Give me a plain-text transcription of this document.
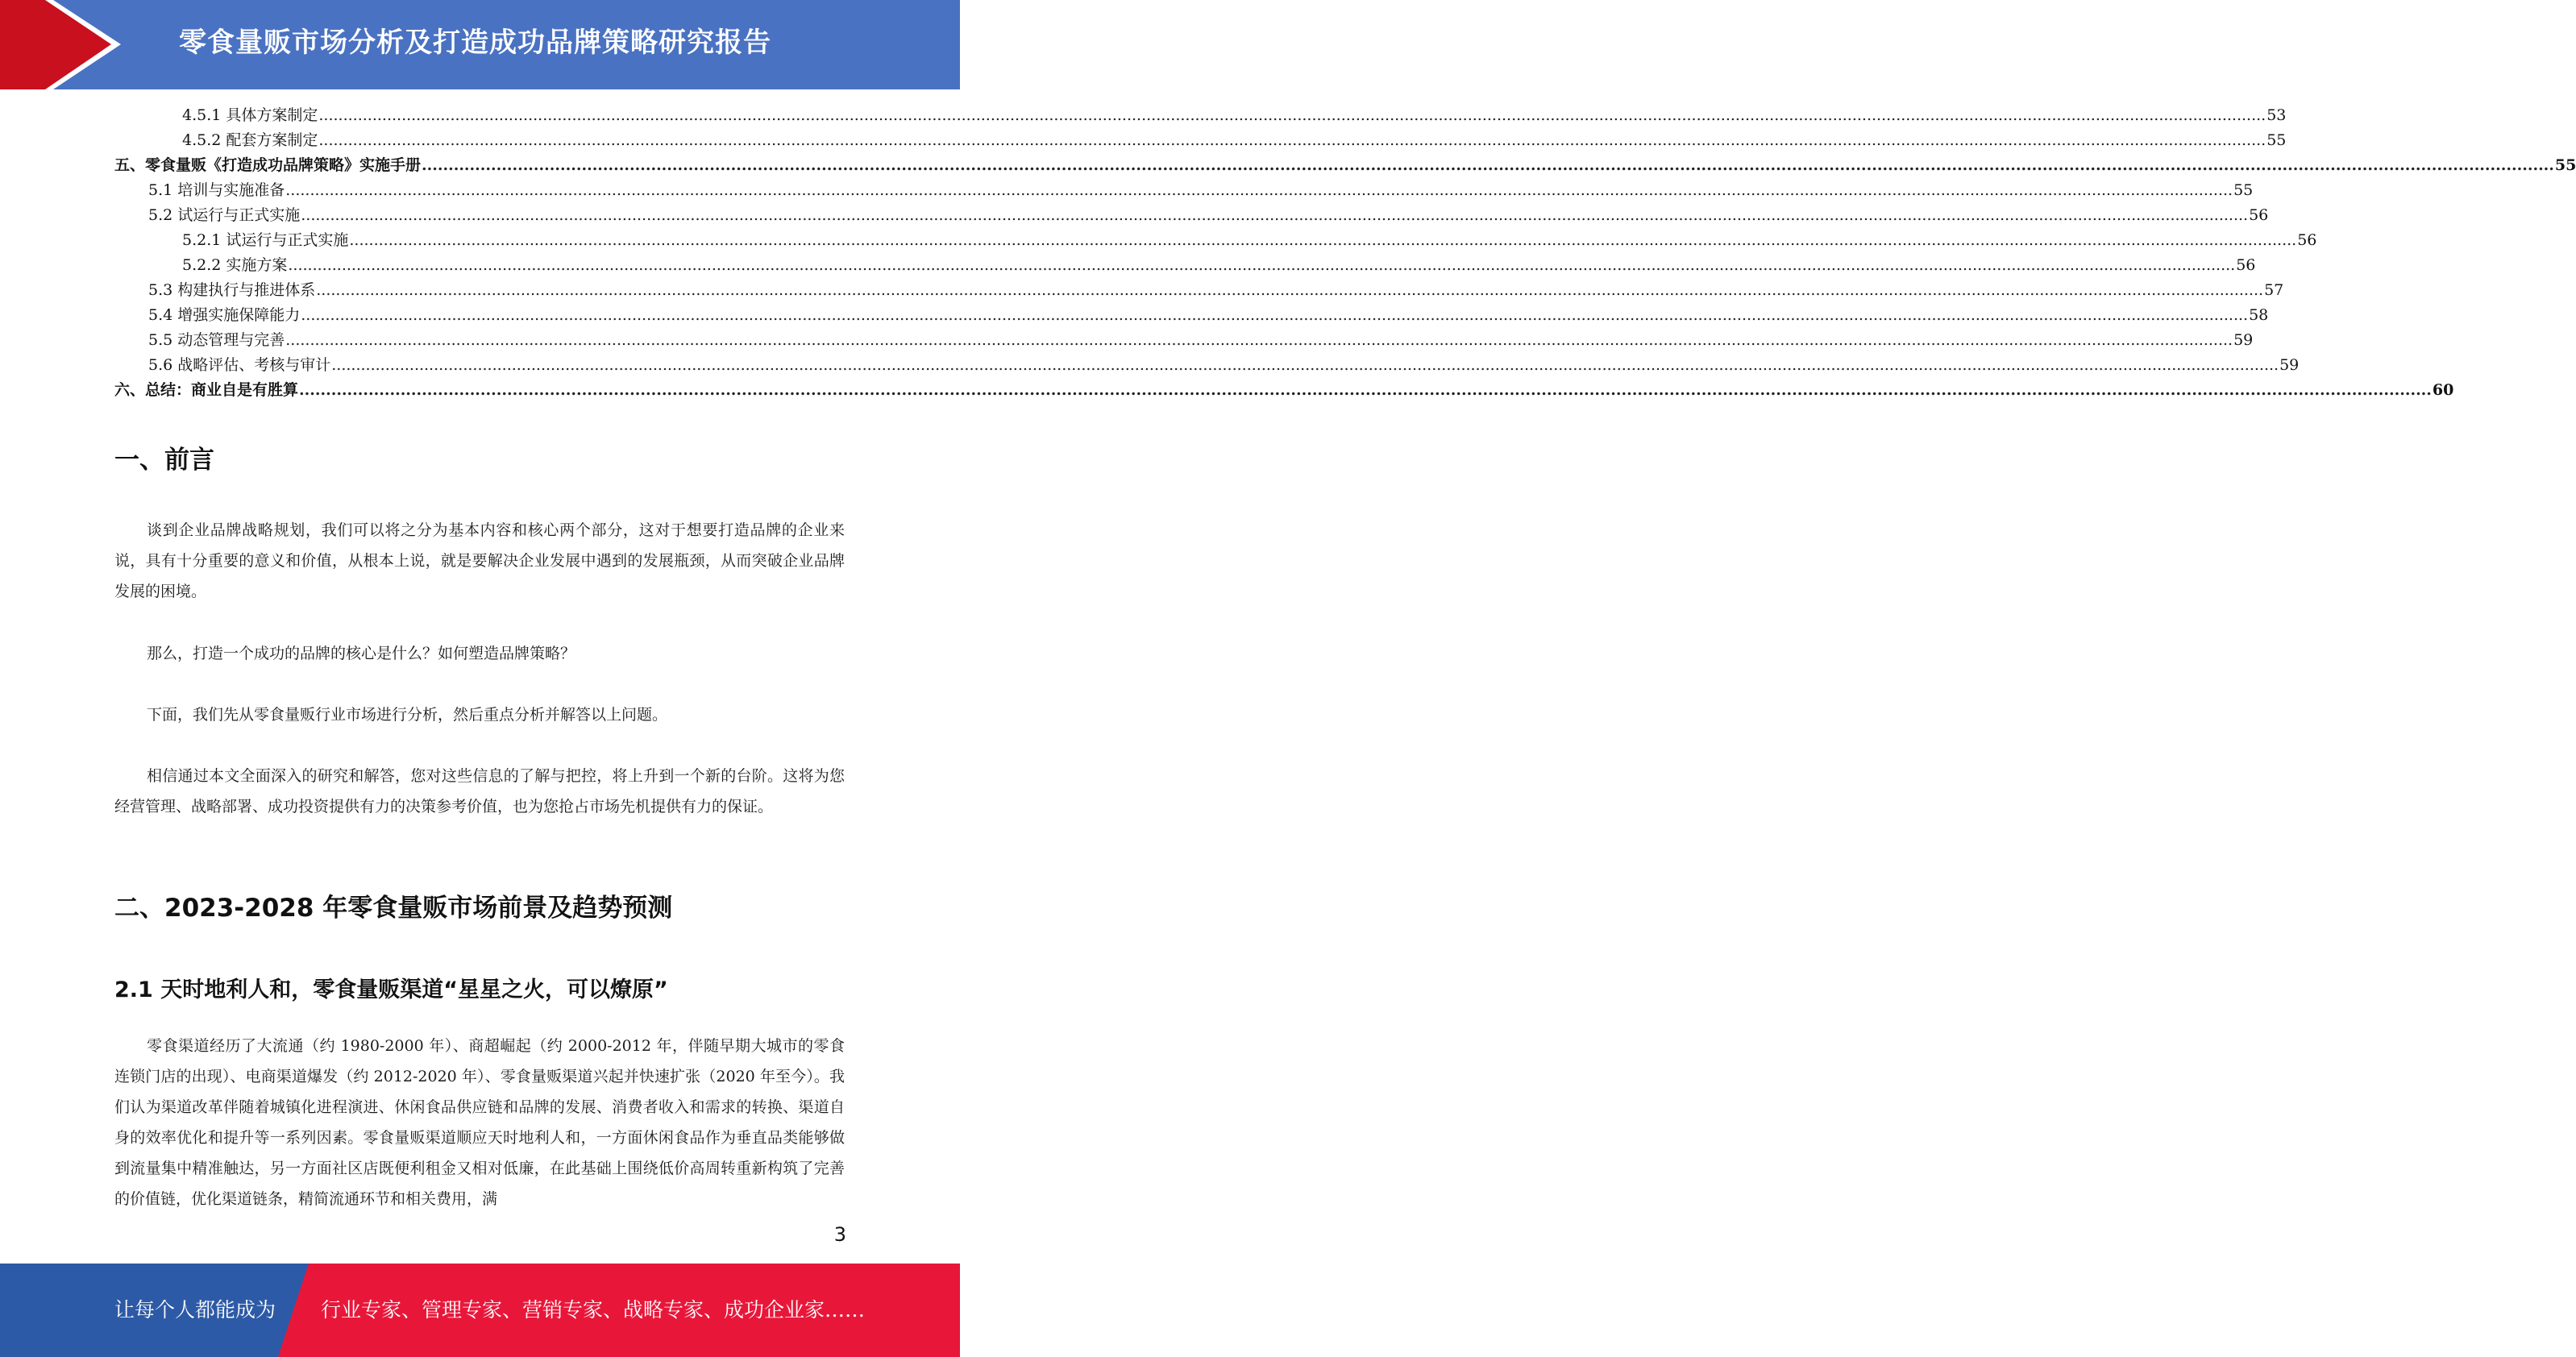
零食量贩市场分析及打造成功品牌策略研究报告
4.5.1 具体方案制定 ................................................................................................................................................................................................................................................................................................................................................................................................................ 53
4.5.2 配套方案制定 ................................................................................................................................................................................................................................................................................................................................................................................................................ 55
五、零食量贩《打造成功品牌策略》实施手册 ................................................................................................................................................................................................................................................................................................................................................................................................................ 55
5.1 培训与实施准备 ................................................................................................................................................................................................................................................................................................................................................................................................................ 55
5.2 试运行与正式实施 ................................................................................................................................................................................................................................................................................................................................................................................................................ 56
5.2.1 试运行与正式实施 ................................................................................................................................................................................................................................................................................................................................................................................................................ 56
5.2.2 实施方案 ................................................................................................................................................................................................................................................................................................................................................................................................................ 56
5.3 构建执行与推进体系 ................................................................................................................................................................................................................................................................................................................................................................................................................ 57
5.4 增强实施保障能力 ................................................................................................................................................................................................................................................................................................................................................................................................................ 58
5.5 动态管理与完善 ................................................................................................................................................................................................................................................................................................................................................................................................................ 59
5.6 战略评估、考核与审计 ................................................................................................................................................................................................................................................................................................................................................................................................................ 59
六、总结：商业自是有胜算 ................................................................................................................................................................................................................................................................................................................................................................................................................ 60
一、前言

谈到企业品牌战略规划，我们可以将之分为基本内容和核心两个部分，这对于想要打造品牌的企业来说，具有十分重要的意义和价值，从根本上说，就是要解决企业发展中遇到的发展瓶颈，从而突破企业品牌发展的困境。

那么，打造一个成功的品牌的核心是什么？如何塑造品牌策略？

下面，我们先从零食量贩行业市场进行分析，然后重点分析并解答以上问题。

相信通过本文全面深入的研究和解答，您对这些信息的了解与把控，将上升到一个新的台阶。这将为您经营管理、战略部署、成功投资提供有力的决策参考价值，也为您抢占市场先机提供有力的保证。

二、2023-2028 年零食量贩市场前景及趋势预测
2.1 天时地利人和，零食量贩渠道“星星之火，可以燎原”

零食渠道经历了大流通（约 1980-2000 年）、商超崛起（约 2000-2012 年，伴随早期大城市的零食连锁门店的出现）、电商渠道爆发（约 2012-2020 年）、零食量贩渠道兴起并快速扩张（2020 年至今）。我们认为渠道改革伴随着城镇化进程演进、休闲食品供应链和品牌的发展、消费者收入和需求的转换、渠道自身的效率优化和提升等一系列因素。零食量贩渠道顺应天时地利人和，一方面休闲食品作为垂直品类能够做到流量集中精准触达，另一方面社区店既便利租金又相对低廉，在此基础上围绕低价高周转重新构筑了完善的价值链，优化渠道链条，精简流通环节和相关费用，满

3
让每个人都能成为 行业专家、管理专家、营销专家、战略专家、成功企业家……
